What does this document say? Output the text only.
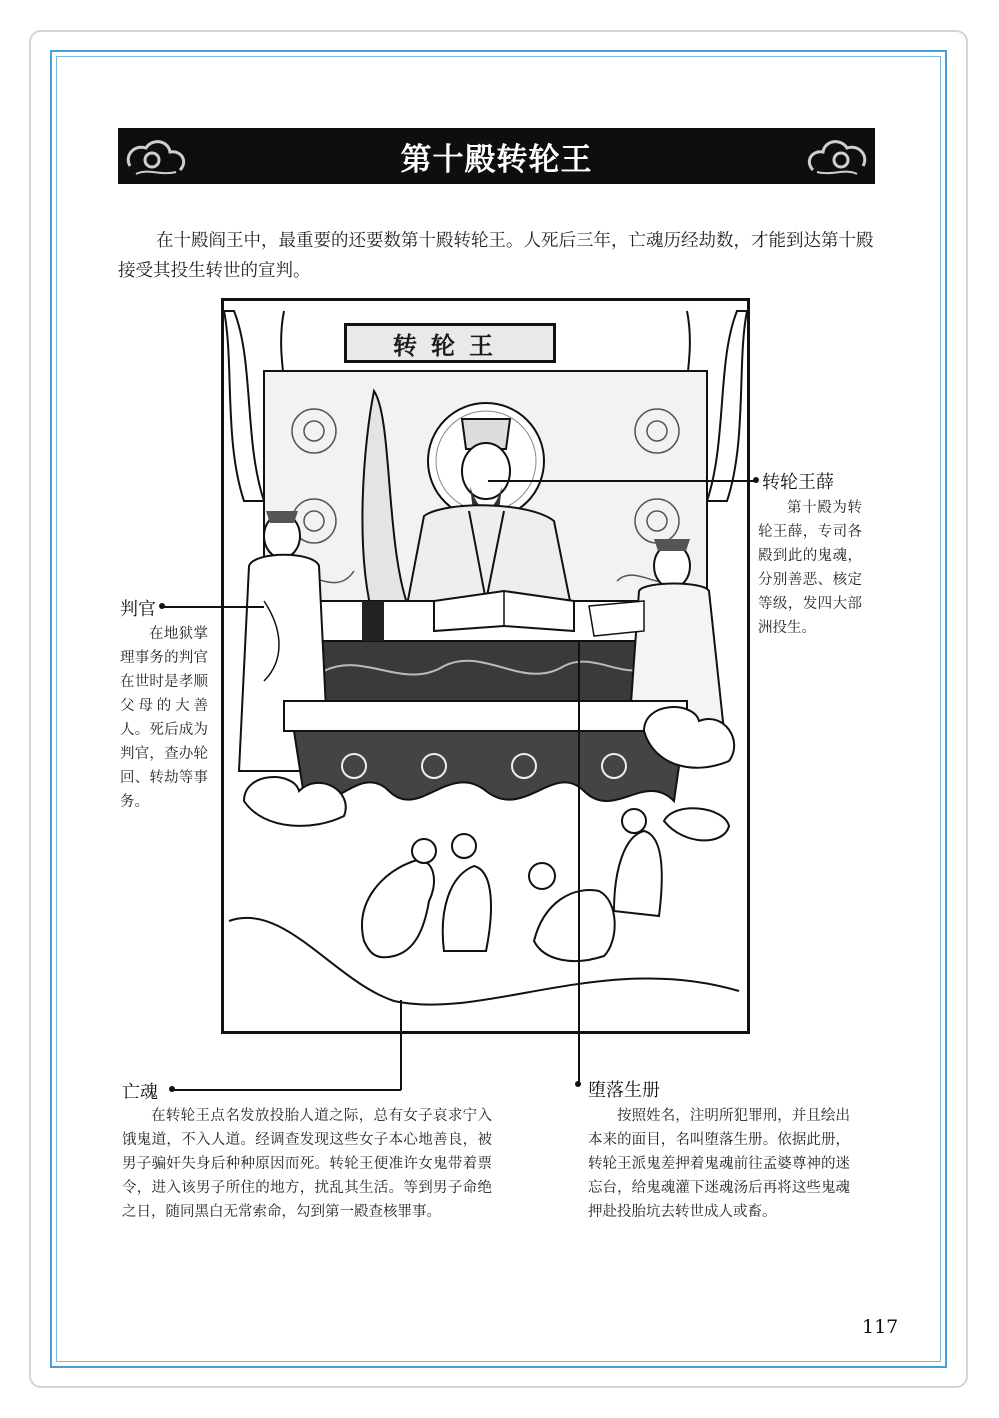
第十殿转轮王

在十殿阎王中，最重要的还要数第十殿转轮王。人死后三年，亡魂历经劫数，才能到达第十殿接受其投生转世的宣判。

转轮王
转轮王薛
第十殿为转轮王薛，专司各殿到此的鬼魂，分别善恶、核定等级，发四大部洲投生。
判官
在地狱掌理事务的判官在世时是孝顺父母的大善人。死后成为判官，查办轮回、转劫等事务。
亡魂
在转轮王点名发放投胎人道之际，总有女子哀求宁入饿鬼道，不入人道。经调查发现这些女子本心地善良，被男子骗奸失身后种种原因而死。转轮王便准许女鬼带着票令，进入该男子所住的地方，扰乱其生活。等到男子命绝之日，随同黑白无常索命，勾到第一殿查核罪事。
堕落生册
按照姓名，注明所犯罪刑，并且绘出本来的面目，名叫堕落生册。依据此册，转轮王派鬼差押着鬼魂前往孟婆尊神的迷忘台，给鬼魂灌下迷魂汤后再将这些鬼魂押赴投胎坑去转世成人或畜。
117
